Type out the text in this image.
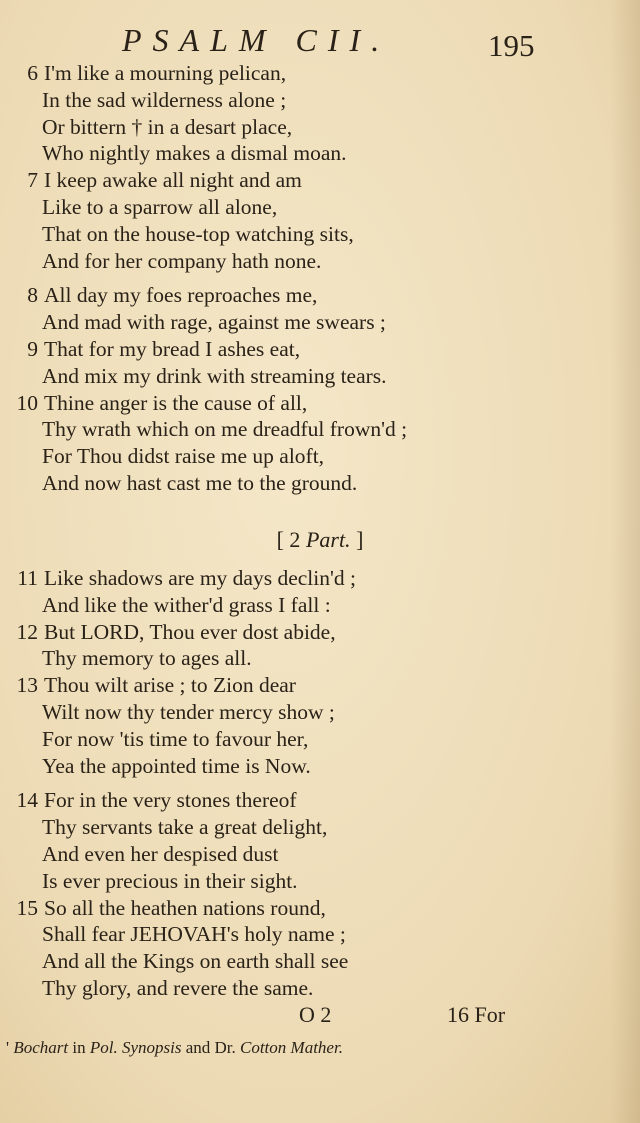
PSALM CII.	195
6 I'm like a mourning pelican,
In the sad wilderness alone ;
Or bittern † in a desart place,
Who nightly makes a dismal moan.
7 I keep awake all night and am
Like to a sparrow all alone,
That on the house-top watching sits,
And for her company hath none.
8 All day my foes reproaches me,
And mad with rage, against me swears ;
9 That for my bread I ashes eat,
And mix my drink with streaming tears.
10 Thine anger is the cause of all,
Thy wrath which on me dreadful frown'd ;
For Thou didst raise me up aloft,
And now hast cast me to the ground.
[ 2 Part. ]
11 Like shadows are my days declin'd ;
And like the wither'd grass I fall :
12 But LORD, Thou ever dost abide,
Thy memory to ages all.
13 Thou wilt arise ; to Zion dear
Wilt now thy tender mercy show ;
For now 'tis time to favour her,
Yea the appointed time is Now.
14 For in the very stones thereof
Thy servants take a great delight,
And even her despised dust
Is ever precious in their sight.
15 So all the heathen nations round,
Shall fear JEHOVAH's holy name ;
And all the Kings on earth shall see
Thy glory, and revere the same.
O 2	16 For
' Bochart in Pol. Synopsis and Dr. Cotton Mather.
